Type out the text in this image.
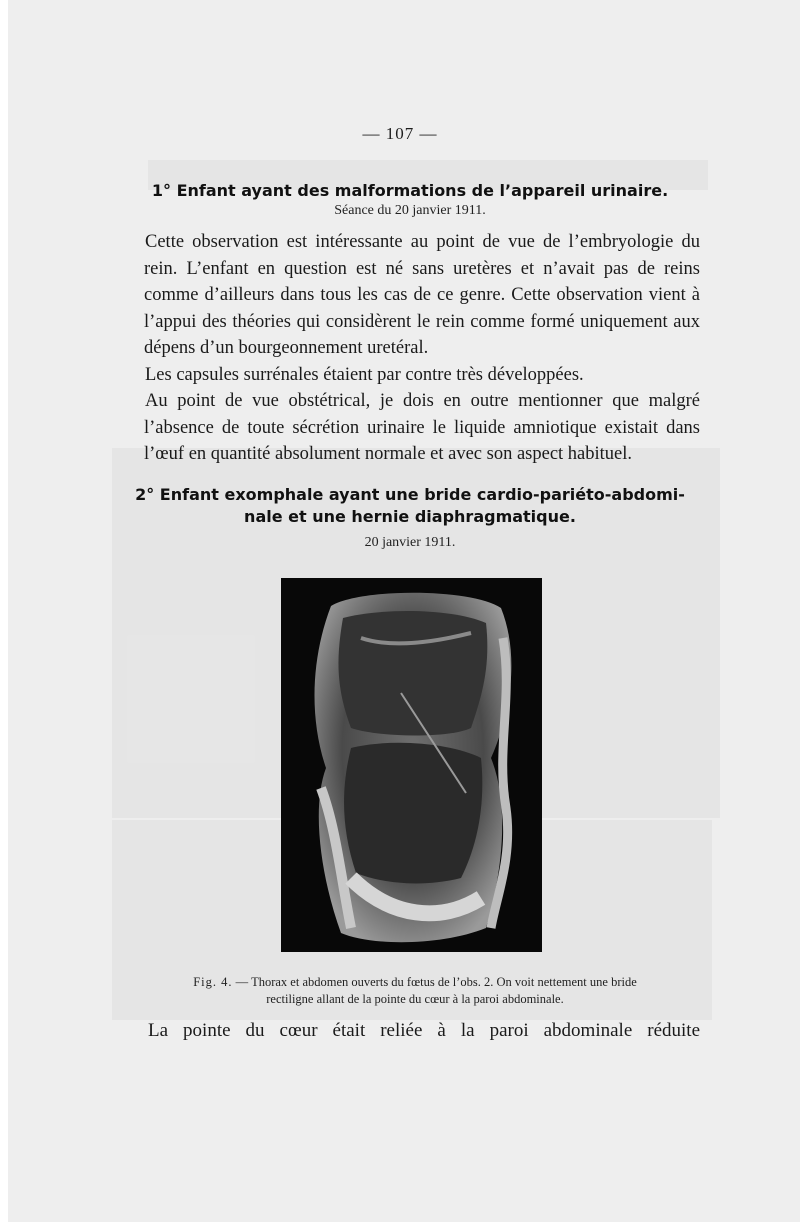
— 107 —
1° Enfant ayant des malformations de l’appareil urinaire.
Séance du 20 janvier 1911.

Cette observation est intéressante au point de vue de l’embryologie du rein. L’enfant en question est né sans uretères et n’avait pas de reins comme d’ailleurs dans tous les cas de ce genre. Cette observation vient à l’appui des théories qui considèrent le rein comme formé uniquement aux dépens d’un bourgeonnement uretéral.

Les capsules surrénales étaient par contre très développées.

Au point de vue obstétrical, je dois en outre mentionner que malgré l’absence de toute sécrétion urinaire le liquide amniotique existait dans l’œuf en quantité absolument normale et avec son aspect habituel.

2° Enfant exomphale ayant une bride cardio-pariéto-abdomi-
nale et une hernie diaphragmatique.
20 janvier 1911.
Fig. 4. — Thorax et abdomen ouverts du fœtus de l’obs. 2. On voit nettement une bride
rectiligne allant de la pointe du cœur à la paroi abdominale.
La pointe du cœur était reliée à la paroi abdominale réduite
